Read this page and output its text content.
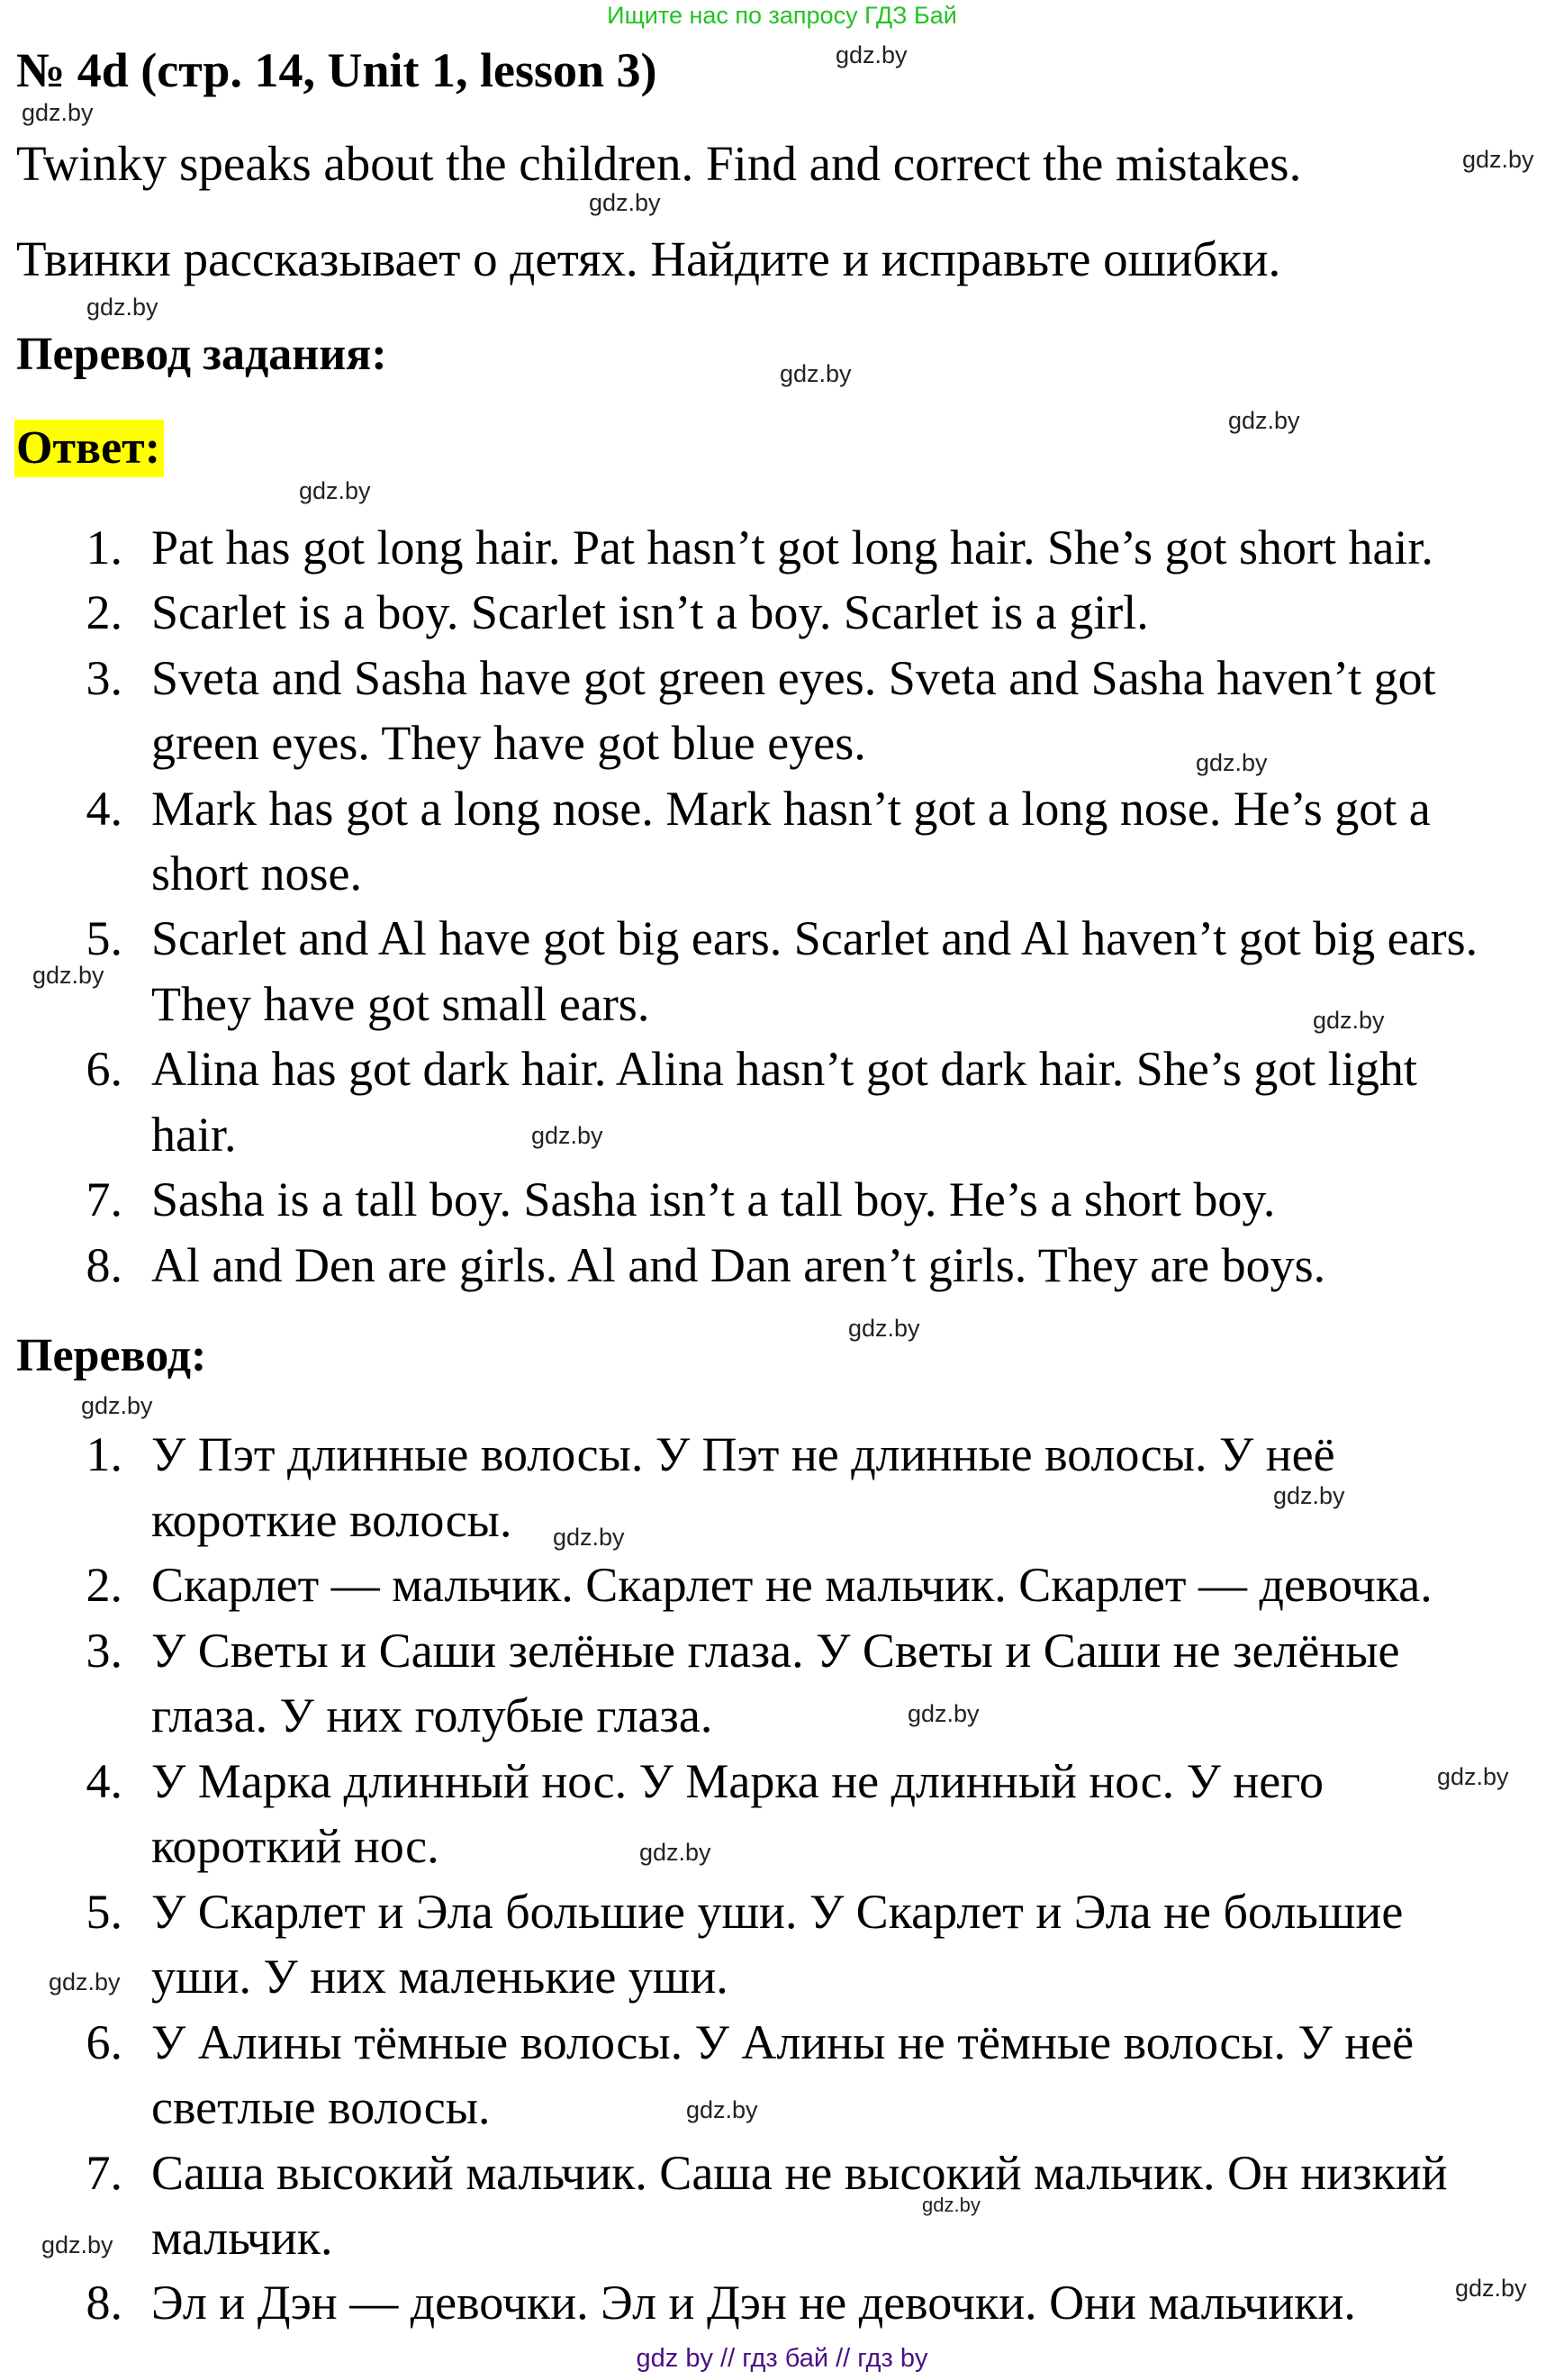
Ищите нас по запросу ГДЗ Бай
№ 4d (стр. 14, Unit 1, lesson 3)
Twinky speaks about the children. Find and correct the mistakes.
Твинки рассказывает о детях. Найдите и исправьте ошибки.
Перевод задания:
Ответ:
1. Pat has got long hair. Pat hasn’t got long hair. She’s got short hair.
2. Scarlet is a boy. Scarlet isn’t a boy. Scarlet is a girl.
3. Sveta and Sasha have got green eyes. Sveta and Sasha haven’t got
green eyes. They have got blue eyes.
4. Mark has got a long nose. Mark hasn’t got a long nose. He’s got a
short nose.
5. Scarlet and Al have got big ears. Scarlet and Al haven’t got big ears.
They have got small ears.
6. Alina has got dark hair. Alina hasn’t got dark hair. She’s got light
hair.
7. Sasha is a tall boy. Sasha isn’t a tall boy. He’s a short boy.
8. Al and Den are girls. Al and Dan aren’t girls. They are boys.
Перевод:
1. У Пэт длинные волосы. У Пэт не длинные волосы. У неё
короткие волосы.
2. Скарлет — мальчик. Скарлет не мальчик. Скарлет — девочка.
3. У Светы и Саши зелёные глаза. У Светы и Саши не зелёные
глаза. У них голубые глаза.
4. У Марка длинный нос. У Марка не длинный нос. У него
короткий нос.
5. У Скарлет и Эла большие уши. У Скарлет и Эла не большие
уши. У них маленькие уши.
6. У Алины тёмные волосы. У Алины не тёмные волосы. У неё
светлые волосы.
7. Саша высокий мальчик. Саша не высокий мальчик. Он низкий
мальчик.
8. Эл и Дэн — девочки. Эл и Дэн не девочки. Они мальчики.
gdz.by
gdz.by
gdz.by
gdz.by
gdz.by
gdz.by
gdz.by
gdz.by
gdz.by
gdz.by
gdz.by
gdz.by
gdz.by
gdz.by
gdz.by
gdz.by
gdz.by
gdz.by
gdz.by
gdz.by
gdz.by
gdz.by
gdz.by
gdz.by
gdz by // гдз бай // гдз by
